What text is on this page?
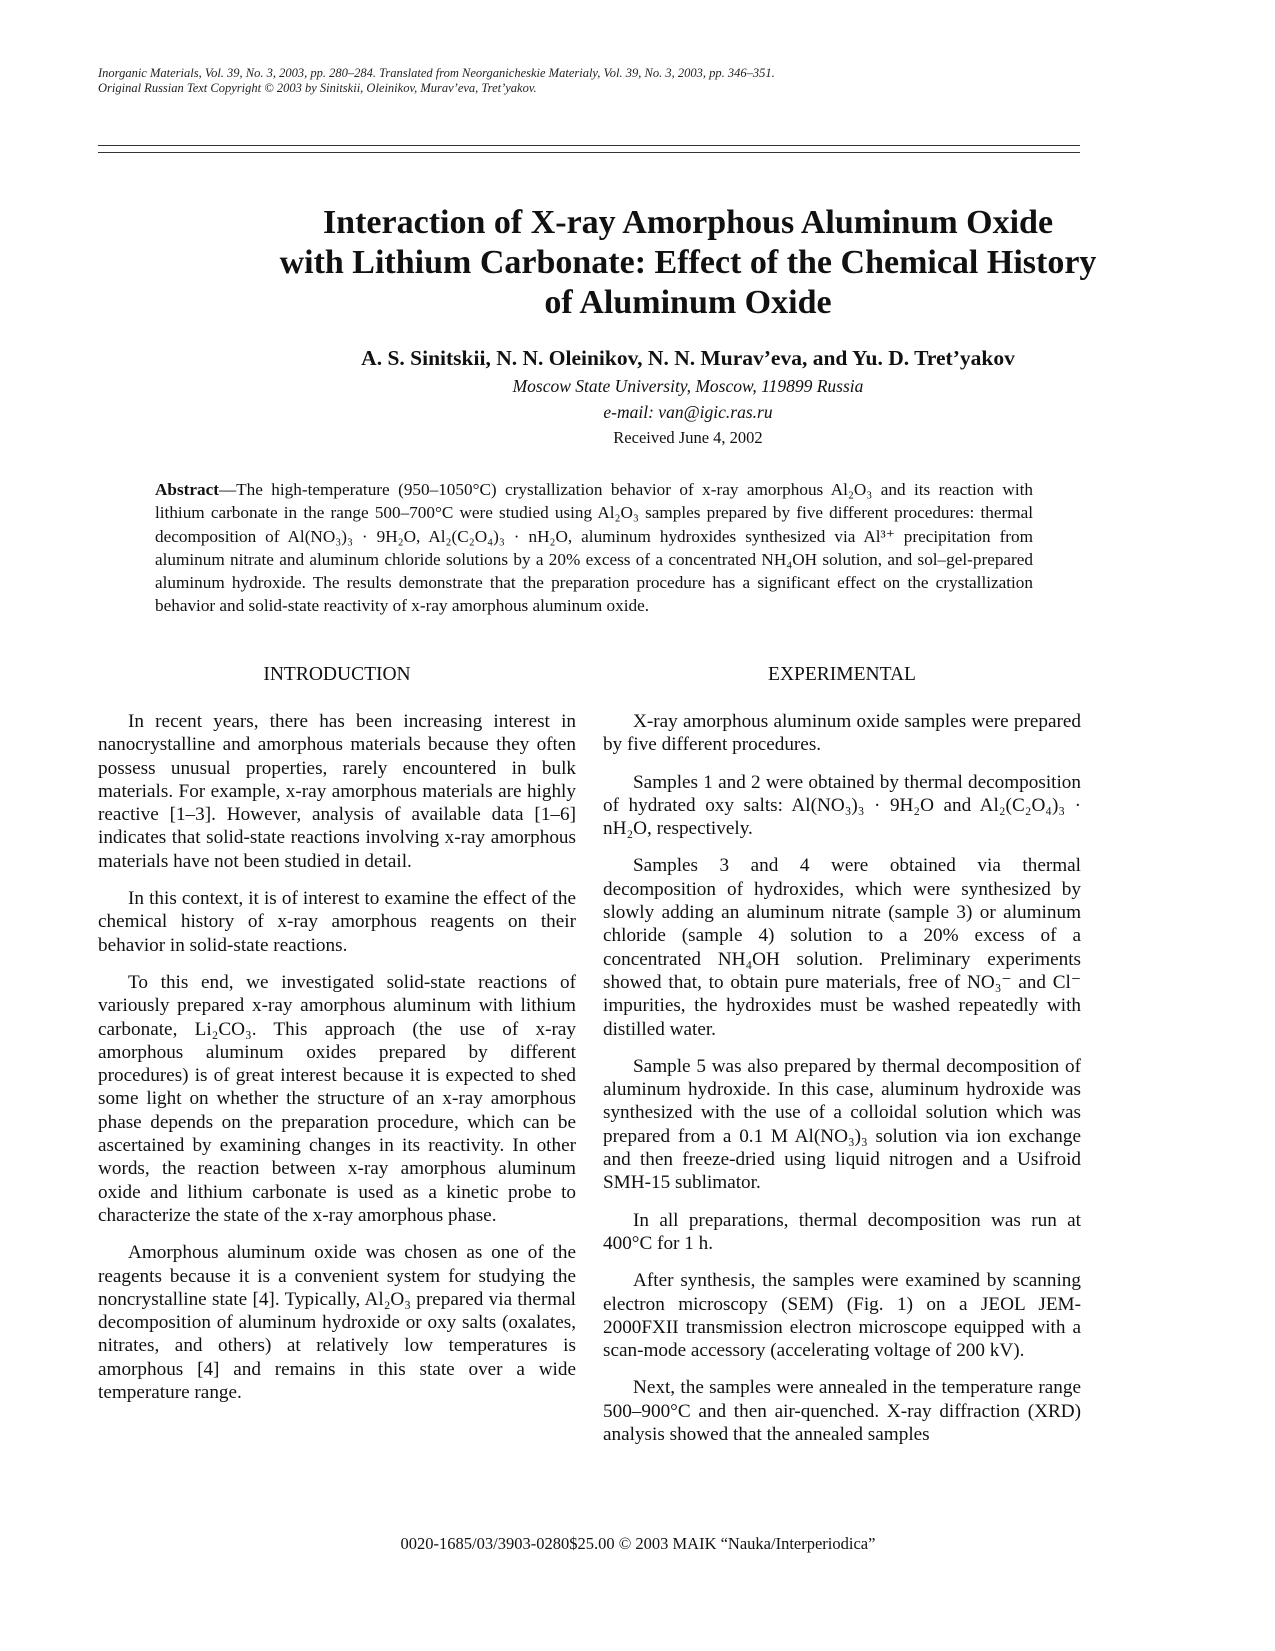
Inorganic Materials, Vol. 39, No. 3, 2003, pp. 280–284. Translated from Neorganicheskie Materialy, Vol. 39, No. 3, 2003, pp. 346–351.
Original Russian Text Copyright © 2003 by Sinitskii, Oleinikov, Murav’eva, Tret’yakov.
Interaction of X-ray Amorphous Aluminum Oxide
with Lithium Carbonate: Effect of the Chemical History
of Aluminum Oxide
A. S. Sinitskii, N. N. Oleinikov, N. N. Murav’eva, and Yu. D. Tret’yakov
Moscow State University, Moscow, 119899 Russia
e-mail: van@igic.ras.ru
Received June 4, 2002
Abstract—The high-temperature (950–1050°C) crystallization behavior of x-ray amorphous Al₂O₃ and its reaction with lithium carbonate in the range 500–700°C were studied using Al₂O₃ samples prepared by five different procedures: thermal decomposition of Al(NO₃)₃ · 9H₂O, Al₂(C₂O₄)₃ · nH₂O, aluminum hydroxides synthesized via Al³⁺ precipitation from aluminum nitrate and aluminum chloride solutions by a 20% excess of a concentrated NH₄OH solution, and sol–gel-prepared aluminum hydroxide. The results demonstrate that the preparation procedure has a significant effect on the crystallization behavior and solid-state reactivity of x-ray amorphous aluminum oxide.
INTRODUCTION	EXPERIMENTAL

In recent years, there has been increasing interest in nanocrystalline and amorphous materials because they often possess unusual properties, rarely encountered in bulk materials. For example, x-ray amorphous materials are highly reactive [1–3]. However, analysis of available data [1–6] indicates that solid-state reactions involving x-ray amorphous materials have not been studied in detail.

In this context, it is of interest to examine the effect of the chemical history of x-ray amorphous reagents on their behavior in solid-state reactions.

To this end, we investigated solid-state reactions of variously prepared x-ray amorphous aluminum with lithium carbonate, Li₂CO₃. This approach (the use of x-ray amorphous aluminum oxides prepared by different procedures) is of great interest because it is expected to shed some light on whether the structure of an x-ray amorphous phase depends on the preparation procedure, which can be ascertained by examining changes in its reactivity. In other words, the reaction between x-ray amorphous aluminum oxide and lithium carbonate is used as a kinetic probe to characterize the state of the x-ray amorphous phase.

Amorphous aluminum oxide was chosen as one of the reagents because it is a convenient system for studying the noncrystalline state [4]. Typically, Al₂O₃ prepared via thermal decomposition of aluminum hydroxide or oxy salts (oxalates, nitrates, and others) at relatively low temperatures is amorphous [4] and remains in this state over a wide temperature range.

X-ray amorphous aluminum oxide samples were prepared by five different procedures.

Samples 1 and 2 were obtained by thermal decomposition of hydrated oxy salts: Al(NO₃)₃ · 9H₂O and Al₂(C₂O₄)₃ · nH₂O, respectively.

Samples 3 and 4 were obtained via thermal decomposition of hydroxides, which were synthesized by slowly adding an aluminum nitrate (sample 3) or aluminum chloride (sample 4) solution to a 20% excess of a concentrated NH₄OH solution. Preliminary experiments showed that, to obtain pure materials, free of NO₃⁻ and Cl⁻ impurities, the hydroxides must be washed repeatedly with distilled water.

Sample 5 was also prepared by thermal decomposition of aluminum hydroxide. In this case, aluminum hydroxide was synthesized with the use of a colloidal solution which was prepared from a 0.1 M Al(NO₃)₃ solution via ion exchange and then freeze-dried using liquid nitrogen and a Usifroid SMH-15 sublimator.

In all preparations, thermal decomposition was run at 400°C for 1 h.

After synthesis, the samples were examined by scanning electron microscopy (SEM) (Fig. 1) on a JEOL JEM-2000FXII transmission electron microscope equipped with a scan-mode accessory (accelerating voltage of 200 kV).

Next, the samples were annealed in the temperature range 500–900°C and then air-quenched. X-ray diffraction (XRD) analysis showed that the annealed samples

0020-1685/03/3903-0280$25.00 © 2003 MAIK “Nauka/Interperiodica”
